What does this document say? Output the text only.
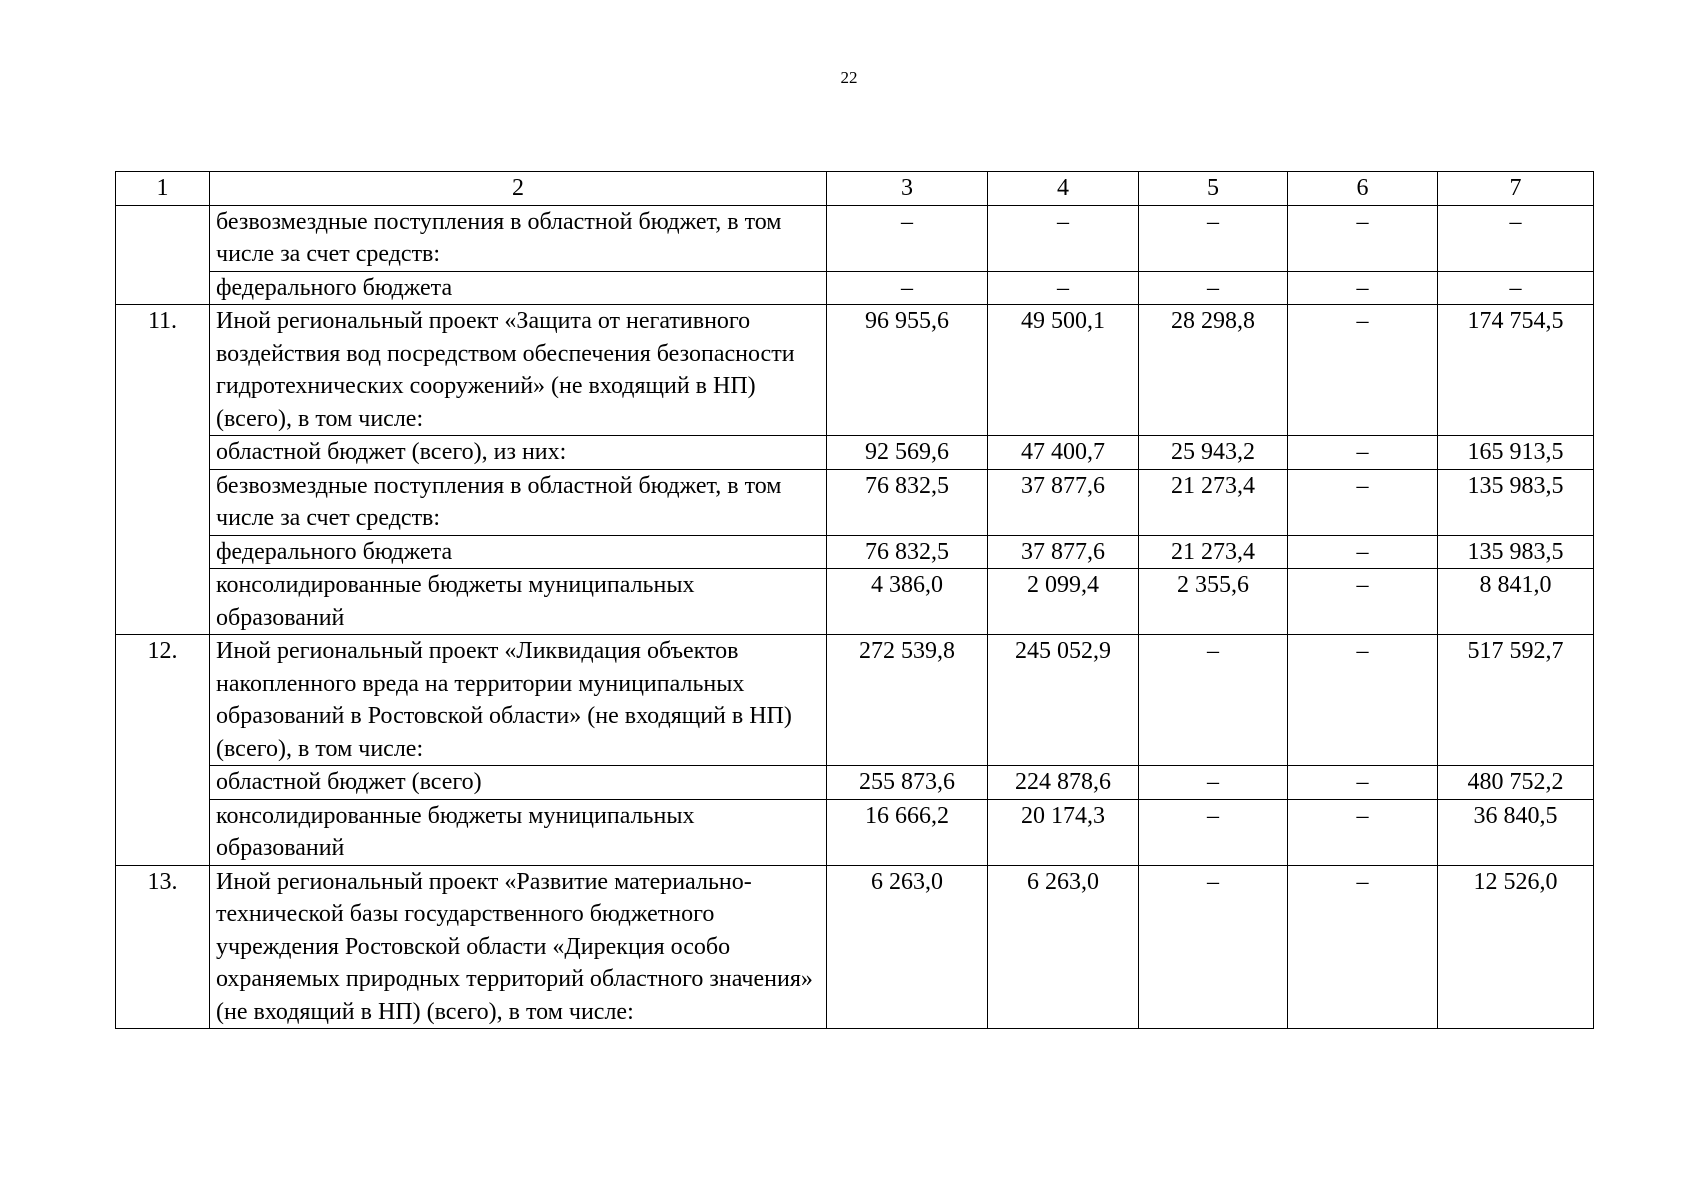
22
1	2	3	4	5	6	7
	безвозмездные поступления в областной бюджет, в том числе за счет средств:	–	–	–	–	–
	федерального бюджета	–	–	–	–	–
11.	Иной региональный проект «Защита от негативного воздействия вод посредством обеспечения безопасности гидротехнических сооружений» (не входящий в НП) (всего), в том числе:	96 955,6	49 500,1	28 298,8	–	174 754,5
	областной бюджет (всего), из них:	92 569,6	47 400,7	25 943,2	–	165 913,5
	безвозмездные поступления в областной бюджет, в том числе за счет средств:	76 832,5	37 877,6	21 273,4	–	135 983,5
	федерального бюджета	76 832,5	37 877,6	21 273,4	–	135 983,5
	консолидированные бюджеты муниципальных образований	4 386,0	2 099,4	2 355,6	–	8 841,0
12.	Иной региональный проект «Ликвидация объектов накопленного вреда на территории муниципальных образований в Ростовской области» (не входящий в НП) (всего), в том числе:	272 539,8	245 052,9	–	–	517 592,7
	областной бюджет (всего)	255 873,6	224 878,6	–	–	480 752,2
	консолидированные бюджеты муниципальных образований	16 666,2	20 174,3	–	–	36 840,5
13.	Иной региональный проект «Развитие материально-технической базы государственного бюджетного учреждения Ростовской области «Дирекция особо охраняемых природных территорий областного значения» (не входящий в НП) (всего), в том числе:	6 263,0	6 263,0	–	–	12 526,0
